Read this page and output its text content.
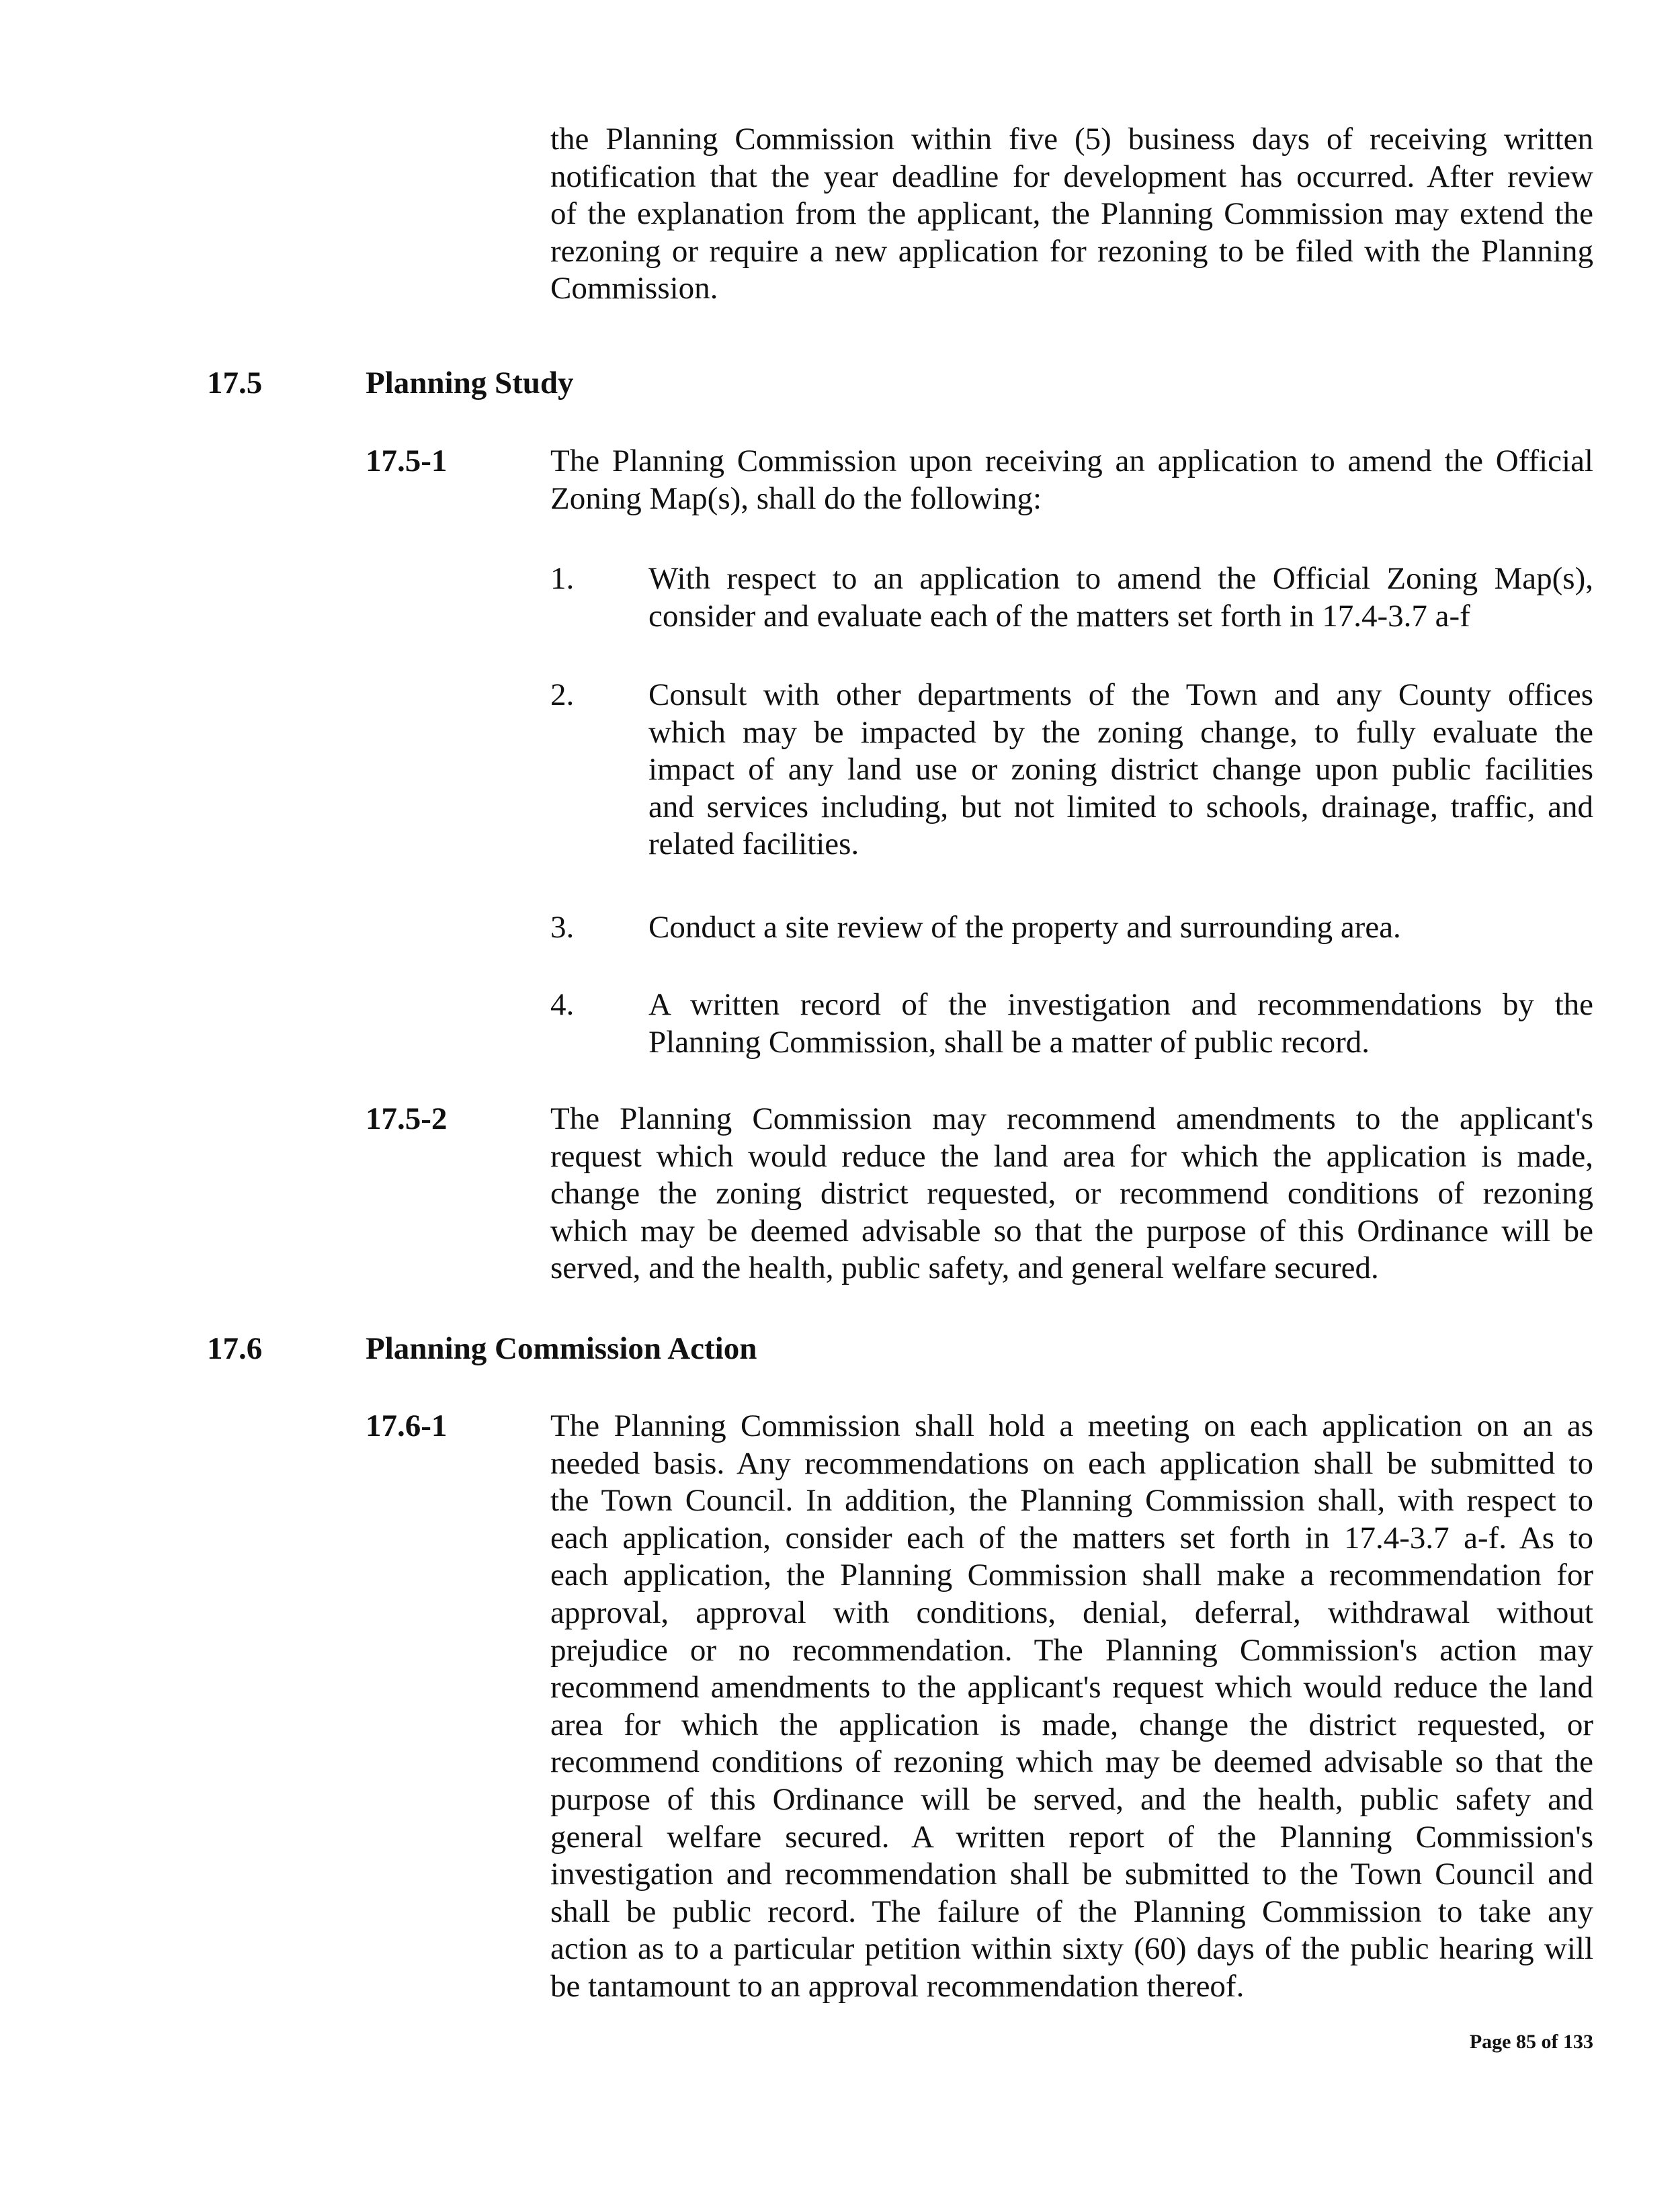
the Planning Commission within five (5) business days of receiving written
notification that the year deadline for development has occurred. After review
of the explanation from the applicant, the Planning Commission may extend the
rezoning or require a new application for rezoning to be filed with the Planning
Commission.
17.5	Planning Study
17.5-1	The Planning Commission upon receiving an application to amend the Official
Zoning Map(s), shall do the following:
1. With respect to an application to amend the Official Zoning Map(s),
consider and evaluate each of the matters set forth in 17.4-3.7 a-f
2. Consult with other departments of the Town and any County offices
which may be impacted by the zoning change, to fully evaluate the
impact of any land use or zoning district change upon public facilities
and services including, but not limited to schools, drainage, traffic, and
related facilities.
3. Conduct a site review of the property and surrounding area.
4. A written record of the investigation and recommendations by the
Planning Commission, shall be a matter of public record.
17.5-2	The Planning Commission may recommend amendments to the applicant's
request which would reduce the land area for which the application is made,
change the zoning district requested, or recommend conditions of rezoning
which may be deemed advisable so that the purpose of this Ordinance will be
served, and the health, public safety, and general welfare secured.
17.6	Planning Commission Action
17.6-1	The Planning Commission shall hold a meeting on each application on an as
needed basis. Any recommendations on each application shall be submitted to
the Town Council. In addition, the Planning Commission shall, with respect to
each application, consider each of the matters set forth in 17.4-3.7 a-f. As to
each application, the Planning Commission shall make a recommendation for
approval, approval with conditions, denial, deferral, withdrawal without
prejudice or no recommendation. The Planning Commission's action may
recommend amendments to the applicant's request which would reduce the land
area for which the application is made, change the district requested, or
recommend conditions of rezoning which may be deemed advisable so that the
purpose of this Ordinance will be served, and the health, public safety and
general welfare secured. A written report of the Planning Commission's
investigation and recommendation shall be submitted to the Town Council and
shall be public record. The failure of the Planning Commission to take any
action as to a particular petition within sixty (60) days of the public hearing will
be tantamount to an approval recommendation thereof.
Page 85 of 133
